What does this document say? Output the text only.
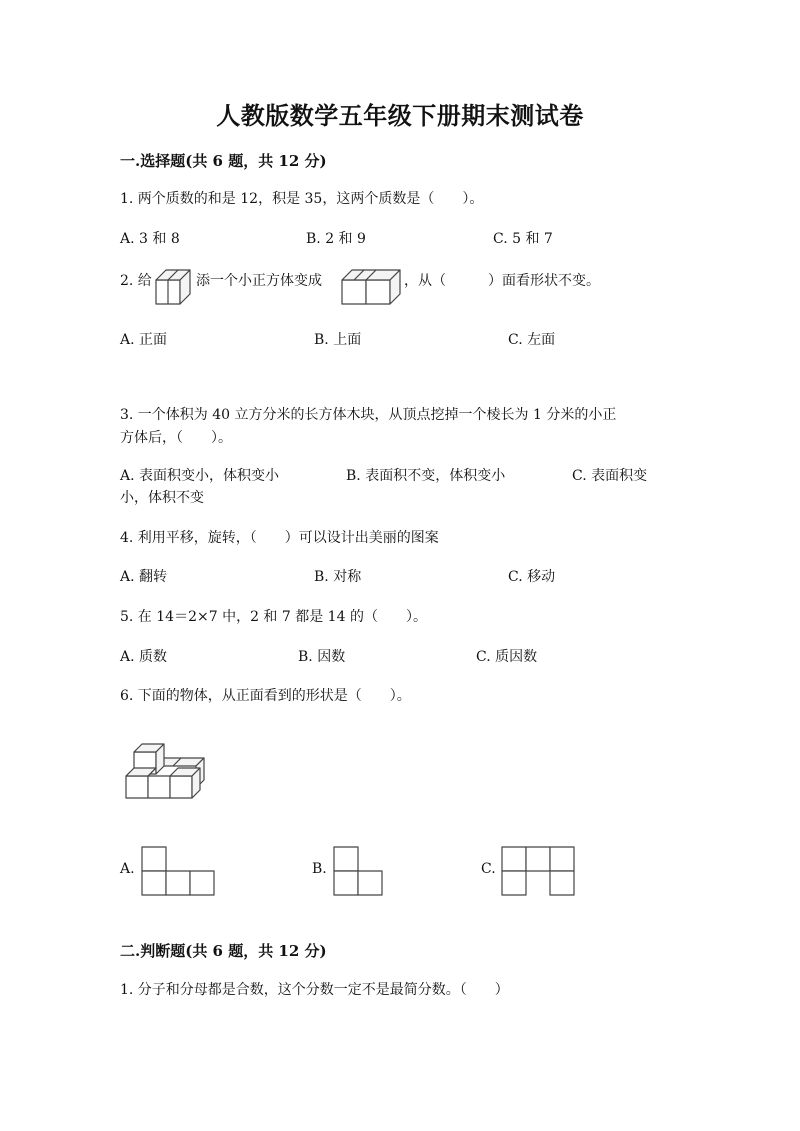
人教版数学五年级下册期末测试卷
一.选择题(共 6 题，共 12 分)
1. 两个质数的和是 12，积是 35，这两个质数是（　　）。
A. 3 和 8	B. 2 和 9	C. 5 和 7
2. 给	添一个小正方体变成	，从（　　　）面看形状不变。
A. 正面	B. 上面	C. 左面
3. 一个体积为 40 立方分米的长方体木块，从顶点挖掉一个棱长为 1 分米的小正
方体后，（　　）。
A. 表面积变小，体积变小	B. 表面积不变，体积变小	C. 表面积变
小，体积不变
4. 利用平移，旋转，（　　）可以设计出美丽的图案
A. 翻转	B. 对称	C. 移动
5. 在 14＝2×7 中，2 和 7 都是 14 的（　　）。
A. 质数	B. 因数	C. 质因数
6. 下面的物体，从正面看到的形状是（　　）。
A.	B.	C.
二.判断题(共 6 题，共 12 分)
1. 分子和分母都是合数，这个分数一定不是最简分数。（　　）
